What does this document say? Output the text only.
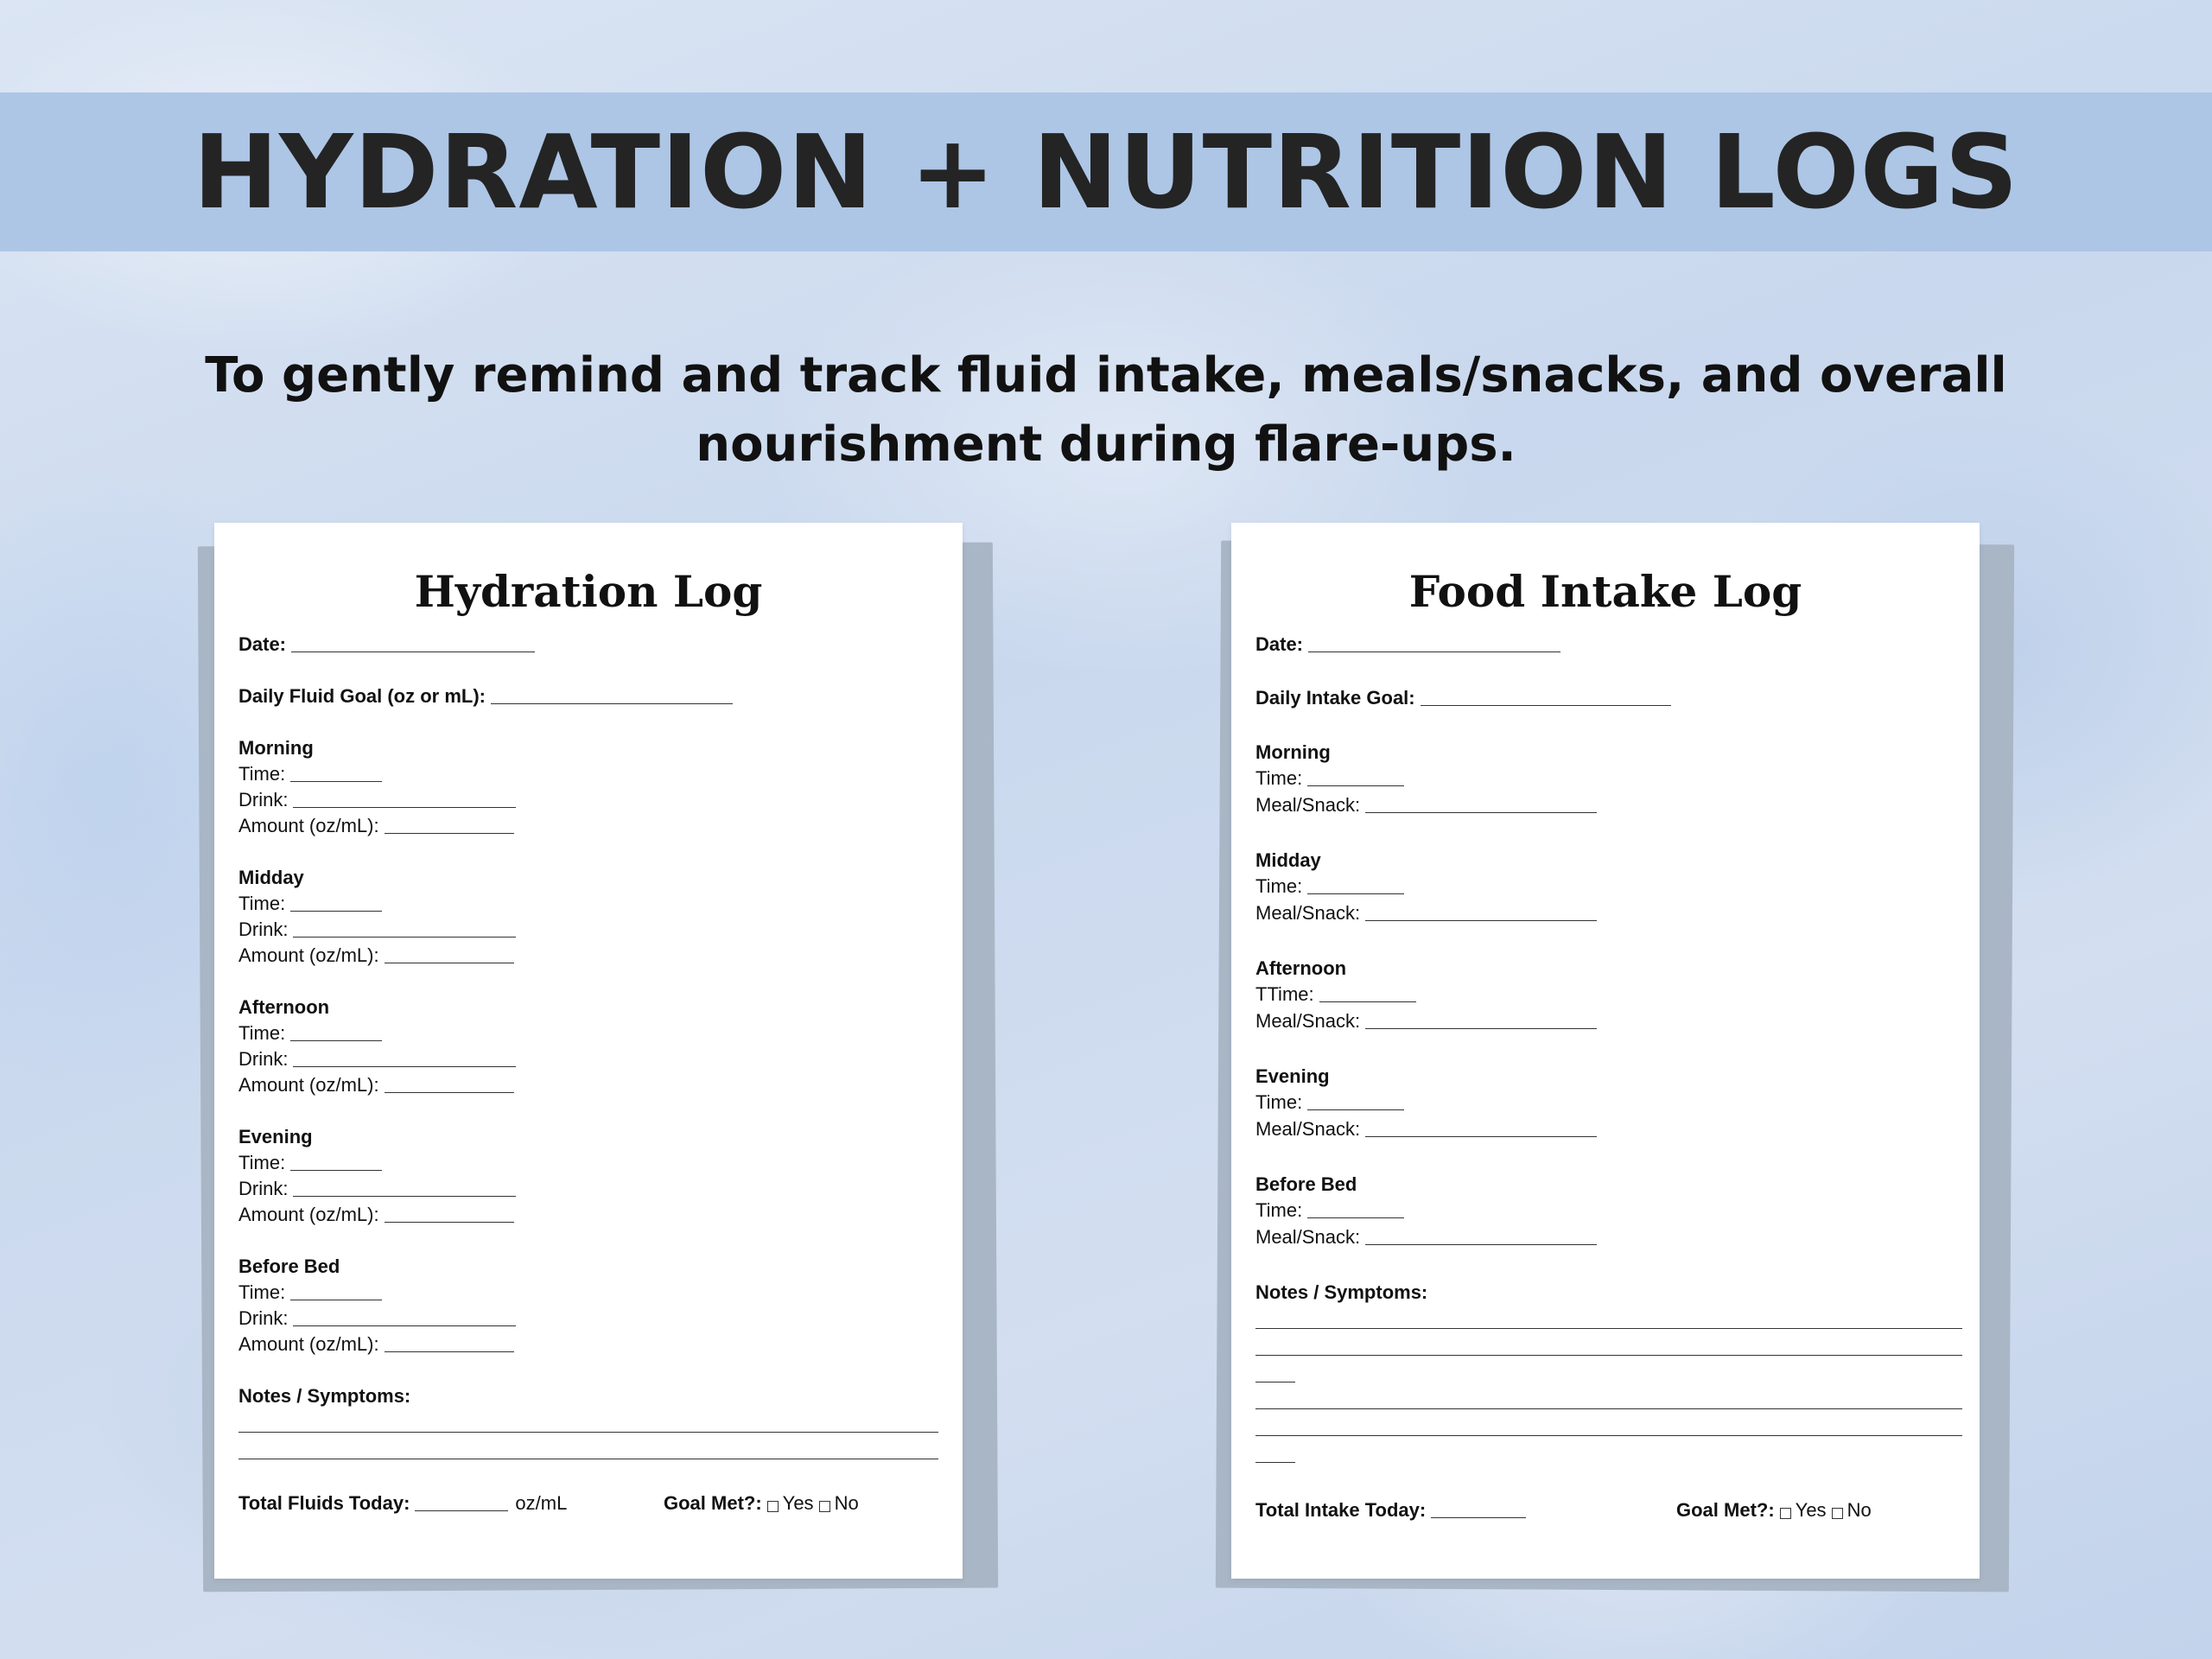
HYDRATION + NUTRITION LOGS
To gently remind and track fluid intake, meals/snacks, and overall
nourishment during flare-ups.
Hydration Log
Date:
Daily Fluid Goal (oz or mL):
Morning
Time:
Drink:
Amount (oz/mL):
Midday
Time:
Drink:
Amount (oz/mL):
Afternoon
Time:
Drink:
Amount (oz/mL):
Evening
Time:
Drink:
Amount (oz/mL):
Before Bed
Time:
Drink:
Amount (oz/mL):
Notes / Symptoms:
Total Fluids Today:	oz/mL	Goal Met?: Yes No
Food Intake Log
Date:
Daily Intake Goal:
Morning
Time:
Meal/Snack:
Midday
Time:
Meal/Snack:
Afternoon
TTime:
Meal/Snack:
Evening
Time:
Meal/Snack:
Before Bed
Time:
Meal/Snack:
Notes / Symptoms:
Total Intake Today:	Goal Met?: Yes No
